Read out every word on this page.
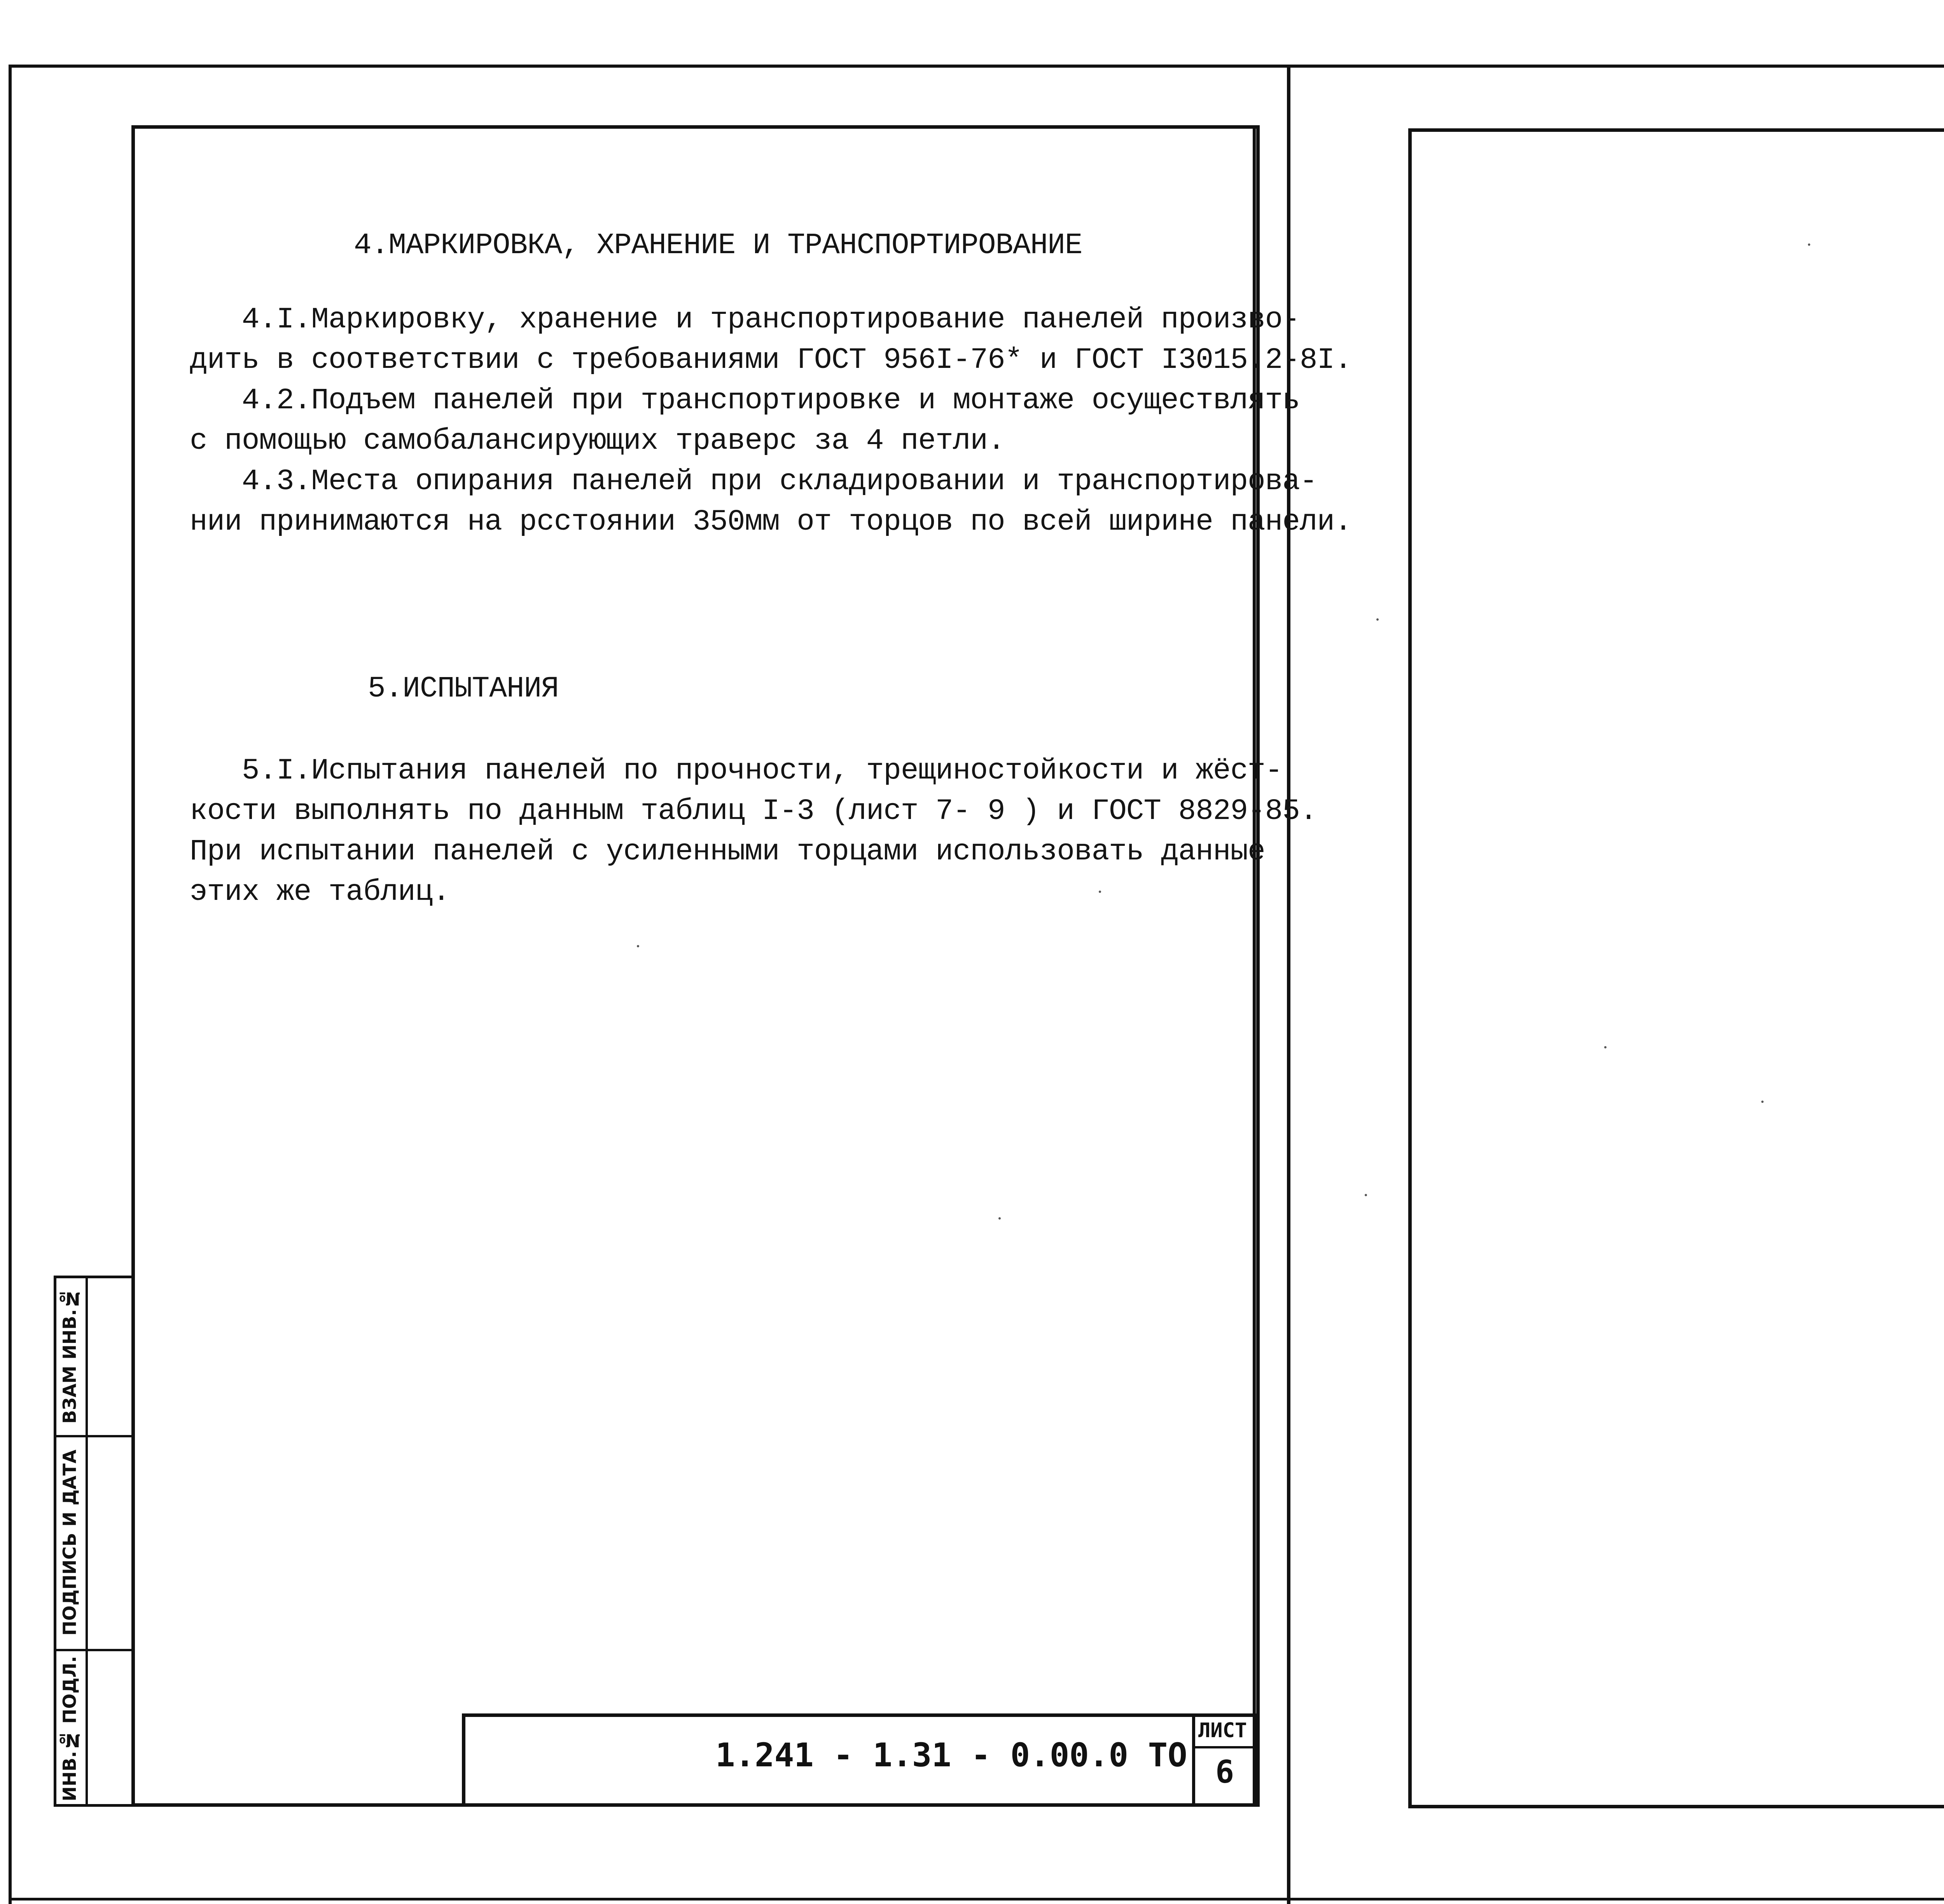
4.МАРКИРОВКА, ХРАНЕНИЕ И ТРАНСПОРТИРОВАНИЕ

4.I.Маркировку, хранение и транспортирование панелей произво-

дить в соответствии с требованиями ГОСТ 956I-76* и ГОСТ I3015.2-8I.

4.2.Подъем панелей при транспортировке и монтаже осуществлять

с помощью самобалансирующих траверс за 4 петли.

4.3.Места опирания панелей при складировании и транспортирова-

нии принимаются на рсстоянии 350мм от торцов по всей ширине панели.

5.ИСПЫТАНИЯ

5.I.Испытания панелей по прочности, трещиностойкости и жёст-

кости выполнять по данным таблиц I-3 (лист 7- 9 ) и ГОСТ 8829-85.

При испытании панелей с усиленными торцами использовать данные

этих же таблиц.

1.241 - 1.31 - 0.00.0 ТО
ЛИСТ
6
ВЗАМ ИНВ.№
ПОДПИСЬ И ДАТА
ИНВ.№ ПОДЛ.
